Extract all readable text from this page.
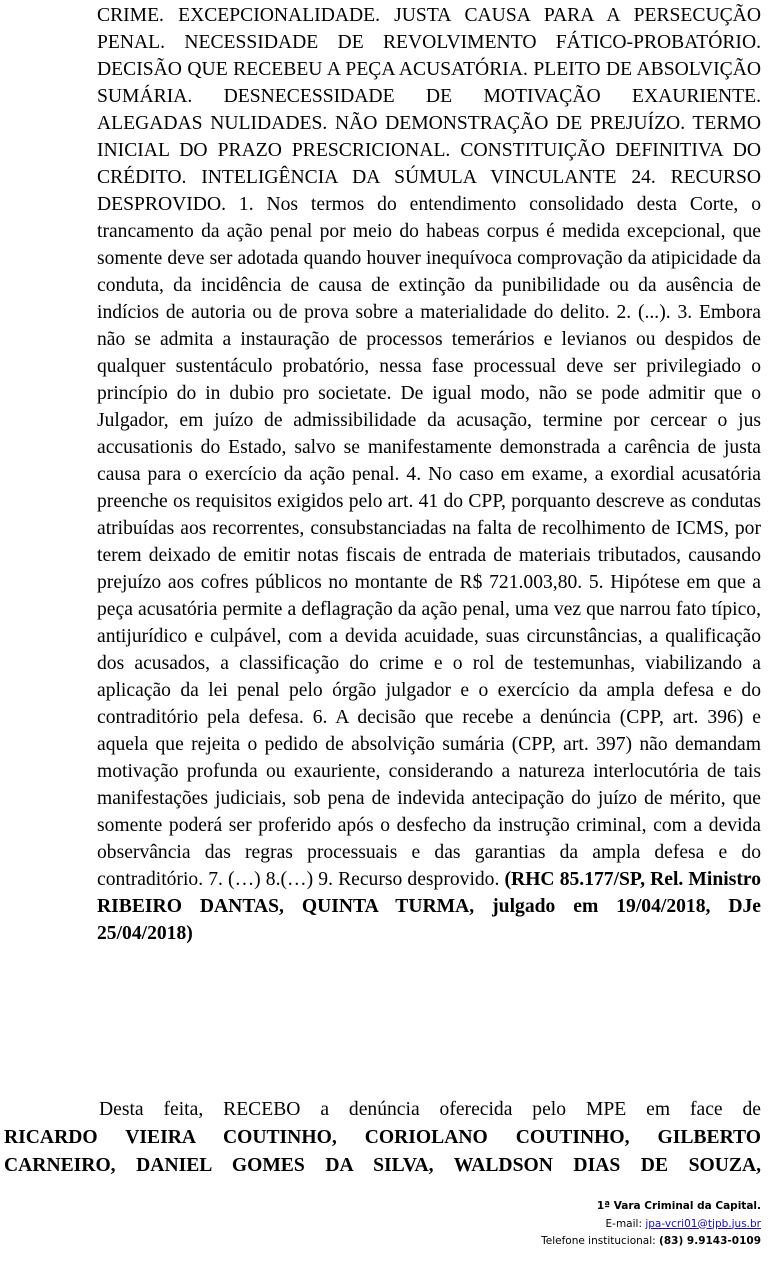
CRIME. EXCEPCIONALIDADE. JUSTA CAUSA PARA A PERSECUÇÃO PENAL. NECESSIDADE DE REVOLVIMENTO FÁTICO-PROBATÓRIO. DECISÃO QUE RECEBEU A PEÇA ACUSATÓRIA. PLEITO DE ABSOLVIÇÃO SUMÁRIA. DESNECESSIDADE DE MOTIVAÇÃO EXAURIENTE. ALEGADAS NULIDADES. NÃO DEMONSTRAÇÃO DE PREJUÍZO. TERMO INICIAL DO PRAZO PRESCRICIONAL. CONSTITUIÇÃO DEFINITIVA DO CRÉDITO. INTELIGÊNCIA DA SÚMULA VINCULANTE 24. RECURSO DESPROVIDO. 1. Nos termos do entendimento consolidado desta Corte, o trancamento da ação penal por meio do habeas corpus é medida excepcional, que somente deve ser adotada quando houver inequívoca comprovação da atipicidade da conduta, da incidência de causa de extinção da punibilidade ou da ausência de indícios de autoria ou de prova sobre a materialidade do delito. 2. (...). 3. Embora não se admita a instauração de processos temerários e levianos ou despidos de qualquer sustentáculo probatório, nessa fase processual deve ser privilegiado o princípio do in dubio pro societate. De igual modo, não se pode admitir que o Julgador, em juízo de admissibilidade da acusação, termine por cercear o jus accusationis do Estado, salvo se manifestamente demonstrada a carência de justa causa para o exercício da ação penal. 4. No caso em exame, a exordial acusatória preenche os requisitos exigidos pelo art. 41 do CPP, porquanto descreve as condutas atribuídas aos recorrentes, consubstanciadas na falta de recolhimento de ICMS, por terem deixado de emitir notas fiscais de entrada de materiais tributados, causando prejuízo aos cofres públicos no montante de R$ 721.003,80. 5. Hipótese em que a peça acusatória permite a deflagração da ação penal, uma vez que narrou fato típico, antijurídico e culpável, com a devida acuidade, suas circunstâncias, a qualificação dos acusados, a classificação do crime e o rol de testemunhas, viabilizando a aplicação da lei penal pelo órgão julgador e o exercício da ampla defesa e do contraditório pela defesa. 6. A decisão que recebe a denúncia (CPP, art. 396) e aquela que rejeita o pedido de absolvição sumária (CPP, art. 397) não demandam motivação profunda ou exauriente, considerando a natureza interlocutória de tais manifestações judiciais, sob pena de indevida antecipação do juízo de mérito, que somente poderá ser proferido após o desfecho da instrução criminal, com a devida observância das regras processuais e das garantias da ampla defesa e do contraditório. 7. (…) 8.(…) 9. Recurso desprovido. (RHC 85.177/SP, Rel. Ministro RIBEIRO DANTAS, QUINTA TURMA, julgado em 19/04/2018, DJe 25/04/2018)
Desta feita, RECEBO a denúncia oferecida pelo MPE em face de
RICARDO VIEIRA COUTINHO, CORIOLANO COUTINHO, GILBERTO CARNEIRO, DANIEL GOMES DA SILVA, WALDSON DIAS DE SOUZA,
1ª Vara Criminal da Capital.
E-mail: jpa-vcri01@tjpb.jus.br
Telefone institucional: (83) 9.9143-0109
